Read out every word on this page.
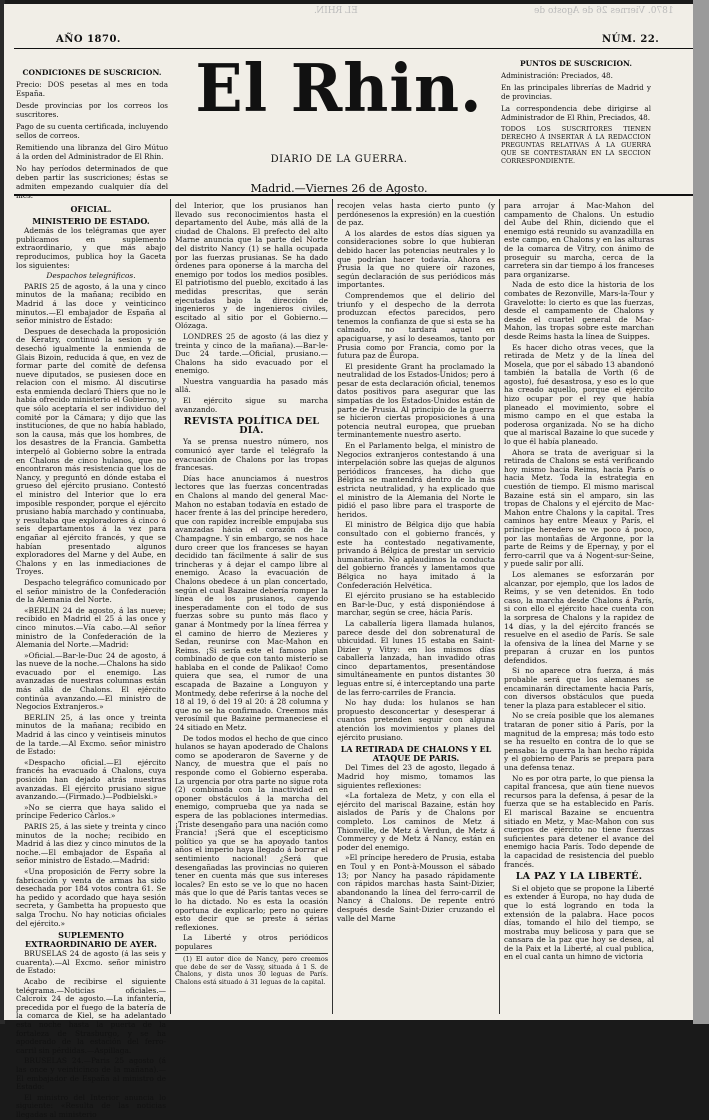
EL RHIN.	1870. Viernes 26 de Agosto de
AÑO 1870.	NÚM. 22.
CONDICIONES DE SUSCRICION.

Precio: DOS pesetas al mes en toda España.

Desde provincias por los correos los suscritores.

Pago de su cuenta certificada, incluyendo sellos de correos.

Remitiendo una libranza del Giro Mútuo á la orden del Administrador de El Rhin.

No hay períodos determinados de que deben partir las suscriciones; éstas se admiten empezando cualquier día del

El Rhin.
DIARIO DE LA GUERRA.
PUNTOS DE SUSCRICION.

Administración: Preciados, 48.

En las principales librerías de Madrid y de provincias.

La correspondencia debe dirigirse al Administrador de El Rhin, Preciados, 48.

TODOS LOS SUSCRITORES TIENEN DERECHO Á INSERTAR Á LA REDACCION PREGUNTAS RELATIVAS Á LA GUERRA QUE SE CONTESTARÁN EN LA SECCION CORRESPONDIENTE.

Madrid.—Viernes 26 de Agosto.
OFICIAL.
MINISTERIO DE ESTADO.

Además de los telégramas que ayer publicamos en suplemento extraordinario, y que más abajo reproducimos, publica hoy la Gaceta los siguientes:

Despachos telegráficos.

PARIS 25 de agosto, á la una y cinco minutos de la mañana; recibido en Madrid á las doce y veinticinco minutos.—El embajador de España al señor ministro de Estado:

Despues de desechada la proposición de Keratry, continuó la sesion y se desechó igualmente la enmienda de Glais Bizoin, reducida á que, en vez de formar parte del comité de defensa nueve diputados, se pusiesen doce en relacion con el mismo. Al discutirse esta enmienda declaró Thiers que no le había ofrecido ministerio el Gobierno, y que sólo aceptaría el ser individuo del comité por la Cámara; y dijo que las instituciones, de que no había hablado, son la causa, más que los hombres, de los desastres de la Francia. Gambetta interpeló al Gobierno sobre la entrada en Chalons de cinco hulanos, que no encontraron más resistencia que los de Nancy, y preguntó en dónde estaba el grueso del ejército prusiano. Contestó el ministro del Interior que lo era imposible responder, porque el ejército prusiano había marchado y continuaba, y resultaba que exploradores á cinco ó seis departamentos á la vez para engañar al ejército francés, y que se habían presentado algunos exploradores del Marne y del Aube, en Chalons y en las inmediaciones de Troyes.

Despacho telegráfico comunicado por el señor ministro de la Confederación de la Alemania del Norte.

«BERLIN 24 de agosto, á las nueve; recibido en Madrid el 25 á las once y cinco minutos.—Vía cabo.—Al señor ministro de la Confederación de la Alemania del Norte.—Madrid:

»Oficial.—Bar-le-Duc 24 de agosto, á las nueve de la noche.—Chalons ha sido evacuado por el enemigo. Las avanzadas de nuestras columnas están más allá de Chalons. El ejército continúa avanzando.—El ministro de Negocios Extranjeros.»

BERLIN 25, á las once y treinta minutos de la mañana; recibido en Madrid á las cinco y veintiseis minutos de la tarde.—Al Excmo. señor ministro de Estado:

«Despacho oficial.—El ejército francés ha evacuado á Chalons, cuya posición han dejado atrás nuestras avanzadas. El ejército prusiano sigue avanzando.—(Firmado.)—Podbielski.»

»No se cierra que haya salido el príncipe Federico Cárlos.»

PARIS 25, á las siete y treinta y cinco minutos de la noche; recibido en Madrid á las diez y cinco minutos de la noche.—El embajador de España al señor ministro de Estado.—Madrid:

«Una proposición de Ferry sobre la fabricación y venta de armas ha sido desechada por 184 votos contra 61. Se ha pedido y acordado que haya sesión secreta, y Gambetta ha propuesto que salga Trochu. No hay noticias oficiales del ejército.»

SUPLEMENTO EXTRAORDINARIO DE AYER.

BRUSELAS 24 de agosto (á las seis y cuarenta).—Al Excmo. señor ministro de Estado:

Acabo de recibirse el siguiente telégrama.—Noticias oficiales.—Calcroix 24 de agosto.—La infantería, precedida por el fuego de la batería de la comarca de Kiel, se ha adelantado esta noche hasta la puerta de la fortaleza de Strasburgo, y se ha apoderado de la estación del ferro-carril sin pérdidas.—Aspillaga.

BRUSELAS 24.—Paris 25 agosto (á las once y veinticinco de la mañana).—El embajador de España al ministro de Estado:

El ministro del Interior anuncia lo siguiente: «Resulta de las noticias llegadas al ministerio

del Interior, que los prusianos han llevado sus reconocimientos hasta el departamento del Aube, más allá de la ciudad de Chalons. El prefecto del alto Marne anuncia que la parte del Norte del distrito Nancy (1) se halla ocupada por las fuerzas prusianas. Se ha dado órdenes para oponerse á la marcha del enemigo por todos los medios posibles. El patriotismo del pueblo, excitado á las medidas prescritas, que serán ejecutadas bajo la dirección de ingenieros y de ingenieros civiles, escitado al sitio por el Gobierno.—Olózaga.

LONDRES 25 de agosto (á las diez y treinta y cinco de la mañana).—Bar-le-Duc 24 tarde.—Oficial, prusiano.—Chalons ha sido evacuado por el enemigo.

Nuestra vanguardia ha pasado más allá.

El ejército sigue su marcha avanzando.

REVISTA POLÍTICA DEL DIA.

Ya se prensa nuestro número, nos comunicó ayer tarde el telégrafo la evacuación de Chalons por las tropas francesas.

Días hace anunciamos á nuestros lectores que las fuerzas concentradas en Chalons al mando del general Mac-Mahon no estaban todavía en estado de hacer frente á las del príncipe heredero, que con rapidez increíble empujaba sus avanzadas hácia el corazón de la Champagne. Y sin embargo, se nos hace duro creer que los franceses se hayan decidido tan fácilmente á salir de sus trincheras y á dejar el campo libre al enemigo. Acaso la evacuación de Chalons obedece á un plan concertado, según el cual Bazaine debería romper la línea de los prusianos, cayendo inesperadamente con el todo de sus fuerzas sobre su punto más flaco y ganar á Montmedy por la línea férrea y el camino de hierro de Mezieres y Sedan, reunirse con Mac-Mahon en Reims. ¡Si sería este el famoso plan combinado de que con tanto misterio se hablaba en el conde de Palikao! Como quiera que sea, el rumor de una escapada de Bazaine a Longuyon y Montmedy, debe referirse á la noche del 18 al 19, ó del 19 al 20: á 28 columna y que no se ha confirmado. Creemos más verosímil que Bazaine permaneciese el 24 sitiado en Metz.

De todos modos el hecho de que cinco hulanos se hayan apoderado de Chalons como se apoderaron de Saverne y de Nancy, de muestra que el país no responde como el Gobierno esperaba. La urgencia por otra parte no sigue rota (2) combinada con la inactividad en oponer obstáculos á la marcha del enemigo, comprueba que ya nada se espera de las poblaciones intermedias. ¡Triste desengaño para una nación como Francia! ¡Será que el escepticismo político ya que se ha apoyado tantos años el imperio haya llegado á borrar el sentimiento nacional! ¿Será que desengañadas las provincias no quieren tener en cuenta más que sus intereses locales? En esto se ve lo que no hacen más que lo que dé París tantas veces se lo ha dictado. No es esta la ocasión oportuna de explicarlo; pero no quiere esto decir que se preste á sérias reflexiones.

La Liberté y otros periódicos populares

(1) El autor dice de Nancy, pero creemos que debe de ser de Vassy, situada á 1 S. de Chalons, y dista unos 30 leguas de París. Chalons está situado á 31 leguas de la capital.

recojen velas hasta cierto punto (y perdónesenos la expresión) en la cuestión de paz.

A los alardes de estos días siguen ya consideraciones sobre lo que hubieran debido hacer las potencias neutrales y lo que podrían hacer todavía. Ahora es Prusia la que no quiere oír razones, según declaración de sus periódicos más importantes.

Comprendemos que el delirio del triunfo y el despecho de la derrota produzcan efectos parecidos, pero tenemos la confianza de que si esta se ha calmado, no tardará aquel en apaciguarse, y así lo deseamos, tanto por Prusia como por Francia, como por la futura paz de Europa.

El presidente Grant ha proclamado la neutralidad de los Estados-Unidos; pero á pesar de esta declaración oficial, tenemos datos positivos para asegurar que las simpatías de los Estados-Unidos están de parte de Prusia. Al principio de la guerra se hicieron ciertas proposiciones á una potencia neutral europea, que prueban terminantemente nuestro aserto.

En el Parlamento belga, el ministro de Negocios extranjeros contestando á una interpelación sobre las quejas de algunos periódicos franceses, ha dicho que Bélgica se mantendrá dentro de la más estricta neutralidad, y ha explicado que el ministro de la Alemania del Norte le pidió el paso libre para el trasporte de heridos.

El ministro de Bélgica dijo que había consultado con el gobierno francés, y este ha contestado negativamente, privando á Bélgica de prestar un servicio humanitario. No aplaudimos la conducta del gobierno francés y lamentamos que Bélgica no haya imitado á la Confederación Helvética.

El ejército prusiano se ha establecido en Bar-le-Duc, y está disponiéndose á marchar, según se cree, hácia París.

La caballería ligera llamada hulanos, parece desde del don sobrenatural de ubicuidad. El lunes 15 estaba en Saint-Dizier y Vitry: en los mismos días caballería lanzada, han invadido otras cinco departamentos, presentándose simultáneamente en puntos distantes 30 leguas entre sí, é interceptando una parte de las ferro-carriles de Francia.

No hay duda: los hulanos se han propuesto desconcertar y desesperar á cuantos pretenden seguir con alguna atención los movimientos y planes del ejército prusiano.

LA RETIRADA DE CHALONS Y EL ATAQUE DE PARIS.

Del Times del 23 de agosto, llegado á Madrid hoy mismo, tomamos las siguientes reflexiones:

«La fortaleza de Metz, y con ella el ejército del mariscal Bazaine, están hoy aislados de París y de Chalons por completo. Los caminos de Metz á Thionville, de Metz á Verdun, de Metz á Commercy y de Metz á Nancy, están en poder del enemigo.

»El príncipe heredero de Prusia, estaba en Toul y en Pont-à-Mousson el sábado 13; por Nancy ha pasado rápidamente con rápidos marchas hasta Saint-Dizier, abandonando la línea del ferro-carril de Nancy á Chalons. De repente entró después desde Saint-Dizier cruzando el valle del Marne

para arrojar á Mac-Mahon del campamento de Chalons. Un estudio del Aube del Rhin, diciendo que el enemigo está reunido su avanzadilla en este campo, en Chalons y en las alturas de la comarca de Vitry, con ánimo de proseguir su marcha, cerca de la carretera sin dar tiempo á los franceses para organizarse.

Nada de esto dice la historia de los combates de Rezonville, Mars-la-Tour y Gravelotte: lo cierto es que las fuerzas, desde el campamento de Chalons y desde el cuartel general de Mac-Mahon, las tropas sobre este marchan desde Reims hasta la línea de Suippes.

Es hacer dicho otras veces, que la retirada de Metz y de la línea del Mosela, que por el sábado 13 abandonó también la batalla de Vorth (6 de agosto), fué desastrosa, y eso es lo que ha creado aquello, porque el ejército hizo ocupar por el rey que había planeado el movimiento, sobre el mismo campo en el que estaba la poderosa organizada. No se ha dicho que al mariscal Bazaine lo que sucede y lo que él había planeado.

Ahora se trata de averiguar si la retirada de Chalons se está verificando hoy mismo hacia Reims, hacia París o hacia Metz. Toda la estrategia en cuestión de tiempo. El mismo mariscal Bazaine está sin el amparo, sin las tropas de Chalons y el ejército de Mac-Mahon entre Chalons y la capital. Tres caminos hay entre Meaux y París, el príncipe heredero se ve poco á poco, por las montañas de Argonne, por la parte de Reims y de Epernay, y por el ferro-carril que va á Nogent-sur-Seine, y puede salir por allí.

Los alemanes se esforzarán por alcanzar, por ejemplo, que los lados de Reims, y se ven detenidos. En todo caso, la marcha desde Chalons á París, si con ello el ejército hace cuenta con la sorpresa de Chalons y la rapidez de 14 días, y la del ejército francés se resuelve en el asedio de París. Se sale la ofensiva de la línea del Marne y se preparan á cruzar en los puntos defendidos.

Si no aparece otra fuerza, á más probable será que los alemanes se encaminarán directamente hacia París, con diversos obstáculos que pueda tener la plaza para establecer el sitio.

No se creía posible que los alemanes trataran de poner sitio á París, por la magnitud de la empresa; más todo esto se ha resuelto en contra de lo que se pensaba: la guerra la han hecho rápida y el gobierno de París se prepara para una defensa tenaz.

No es por otra parte, lo que piensa la capital francesa, que aún tiene nuevos recursos para la defensa, á pesar de la fuerza que se ha establecido en París. El mariscal Bazaine se encuentra sitiado en Metz, y Mac-Mahon con sus cuerpos de ejército no tiene fuerzas suficientes para detener el avance del enemigo hacia París. Todo depende de la capacidad de resistencia del pueblo francés.

LA PAZ Y LA LIBERTÉ.

Si el objeto que se propone la Liberté es extender á Europa, no hay duda de que lo está logrando en toda la extensión de la palabra. Hace pocos días, tomando el hilo del tiempo, se mostraba muy belicosa y para que se cansara de la paz que hoy se desea, al de la Paix et la Liberté, al cual publica, en el cual canta un himno de victoria
